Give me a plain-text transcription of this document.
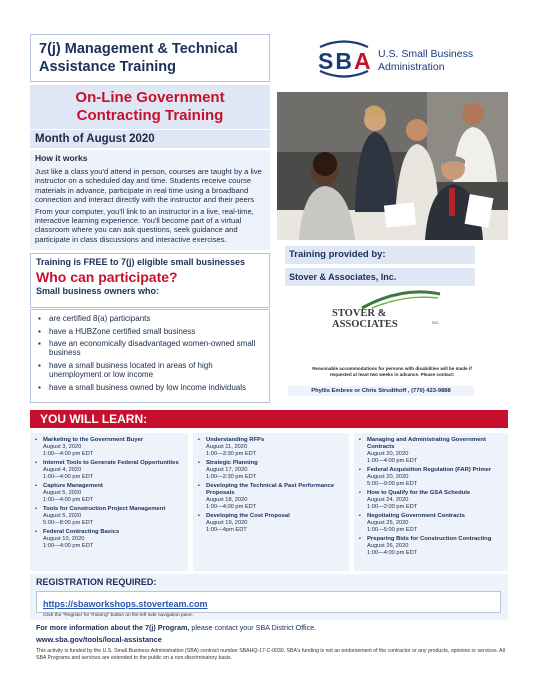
7(j) Management & Technical
Assistance Training	SBA U.S. Small Business
Administration
On-Line Government
Contracting Training
Month of August 2020
How it works

Just like a class you'd attend in person, courses are taught by a live instructor on a scheduled day and time. Students receive course materials in advance, participate in real time using a broadband connection and interact directly with the instructor and their peers

From your computer, you'll link to an instructor in a live, real-time, interactive learning experience. You'll become part of a virtual classroom where you can ask questions, seek guidance and participate in class discussions and interactive exercises.

Training is FREE to 7(j) eligible small businesses
Who can participate?
Small business owners who:
▪ are certified 8(a) participants
▪ have a HUBZone certified small business
▪ have an economically disadvantaged women-owned small business
▪ have a small business located in areas of high unemployment or low income
▪ have a small business owned by low income individuals
Training provided by:
Stover & Associates, Inc.
STOVER & ASSOCIATES	INC.
Reasonable accommodations for persons with disabilities will be made if requested at least two weeks in advance. Please contact:
Phyllis Embree or Chris Strudthoff , (770) 423-9888
YOU WILL LEARN:
▪ Marketing to the Government Buyer
August 3, 2020
1:00—4:00 pm EDT
▪ Internet Tools to Generate Federal Opportunities
August 4, 2020
1:00—4:00 pm EDT
▪ Capture Management
August 5, 2020
1:00—4:00 pm EDT
▪ Tools for Construction Project Management
August 5, 2020
5:00—8:00 pm EDT
▪ Federal Contracting Basics
August 10, 2020
1:00—4:00 pm EDT
▪ Understanding RFPs
August 11, 2020
1:00—3:30 pm EDT
▪ Strategic Planning
August 17, 2020
1:00—2:30 pm EDT
▪ Developing the Technical & Past Performance Proposals
August 18, 2020
1:00—4:00 pm EDT
▪ Developing the Cost Proposal
August 19, 2020
1:00—4pm EDT
▪ Managing and Administrating Government Contracts
August 20, 2020
1:00—4:00 pm EDT
▪ Federal Acquisition Regulation (FAR) Primer
August 20, 2020
5:00—9:00 pm EDT
▪ How to Qualify for the GSA Schedule
August 24, 2020
1:00—2:00 pm EDT
▪ Negotiating Government Contracts
August 25, 2020
1:00—5:00 pm EDT
▪ Preparing Bids for Construction Contracting
August 26, 2020
1:00—4:00 pm EDT
REGISTRATION REQUIRED:
https://sbaworkshops.stoverteam.com
Click the "Register for Training" button on the left side navigation pane.
For more information about the 7(j) Program, please contact your SBA District Office.
www.sba.gov/tools/local-assistance
This activity is funded by the U.S. Small Business Administration (SBA) contract number SBAHQ-17-C-0030. SBA's funding is not an endorsement of the contractor or any products, opinions or services. All SBA Programs and services are extended to the public on a non-discriminatory basis.
